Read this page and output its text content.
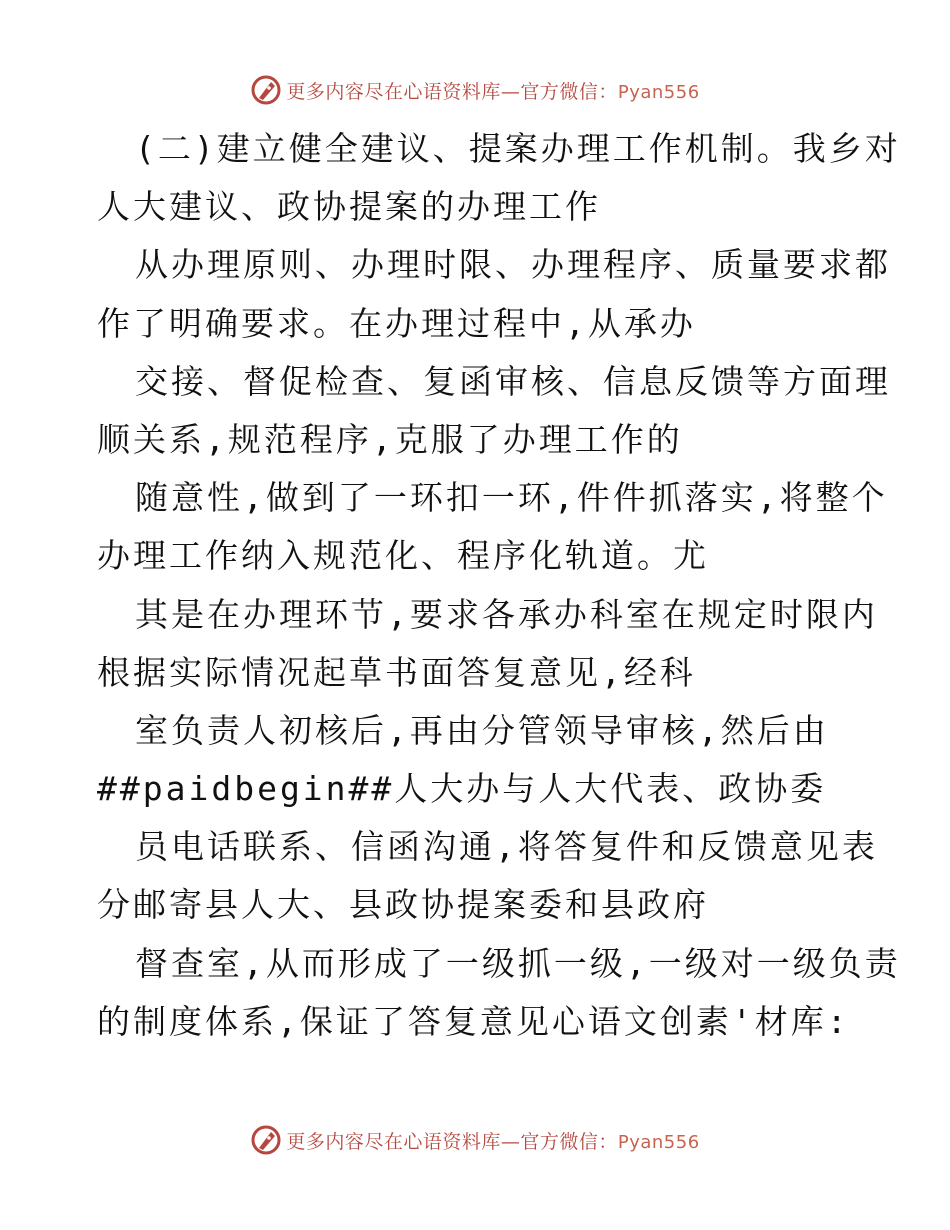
更多内容尽在心语资料库—官方微信：Pyan556
(二)建立健全建议、提案办理工作机制。我乡对
人大建议、政协提案的办理工作
从办理原则、办理时限、办理程序、质量要求都
作了明确要求。在办理过程中,从承办
交接、督促检查、复函审核、信息反馈等方面理
顺关系,规范程序,克服了办理工作的
随意性,做到了一环扣一环,件件抓落实,将整个
办理工作纳入规范化、程序化轨道。尤
其是在办理环节,要求各承办科室在规定时限内
根据实际情况起草书面答复意见,经科
室负责人初核后,再由分管领导审核,然后由
##paidbegin##人大办与人大代表、政协委
员电话联系、信函沟通,将答复件和反馈意见表
分邮寄县人大、县政协提案委和县政府
督查室,从而形成了一级抓一级,一级对一级负责
的制度体系,保证了答复意见心语文创素'材库:
更多内容尽在心语资料库—官方微信：Pyan556
